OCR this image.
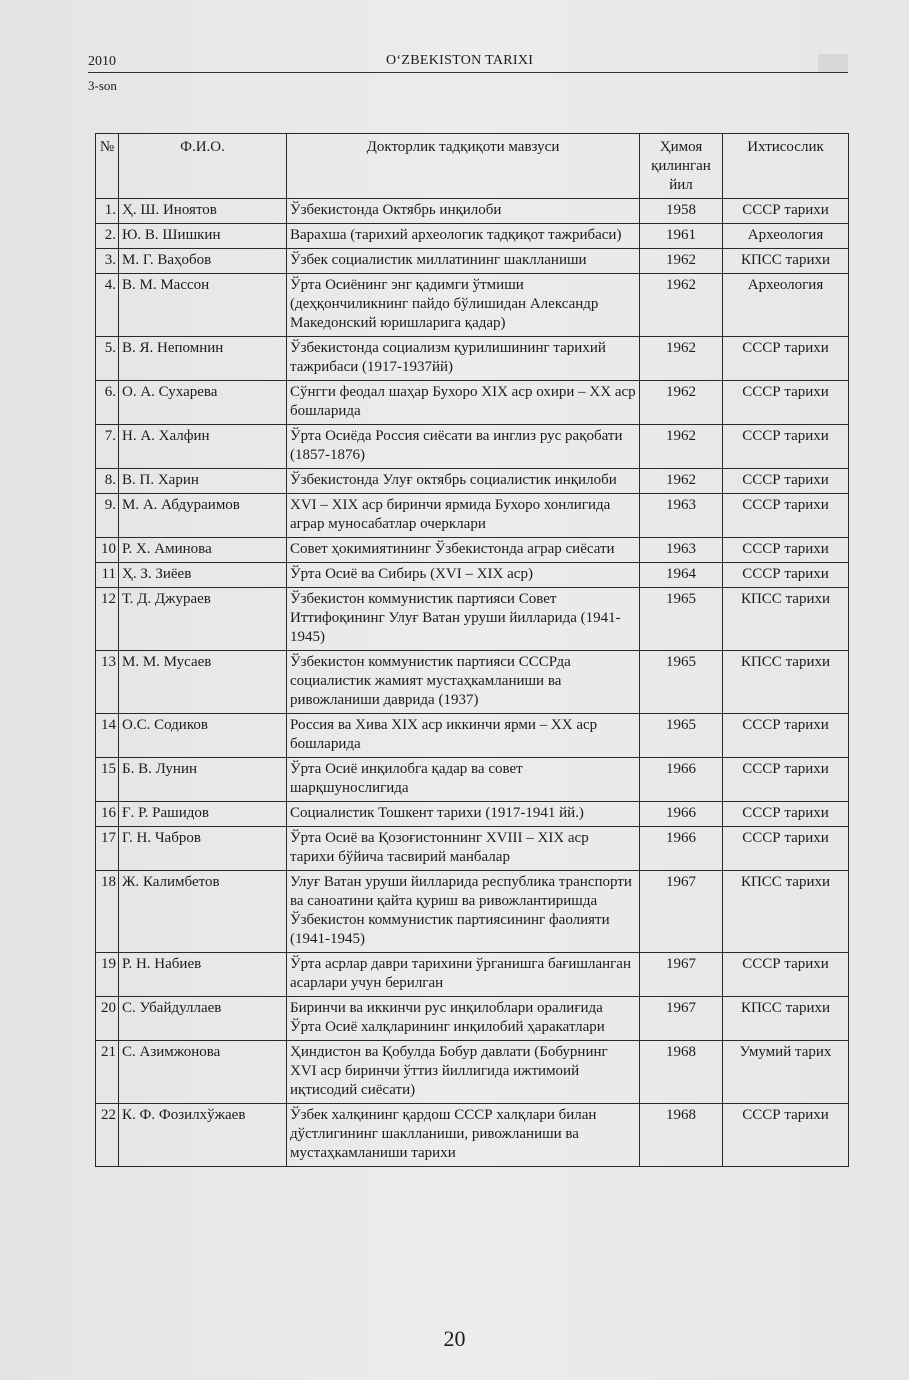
2010	O‘ZBEKISTON TARIXI
3-son
№	Ф.И.О.	Докторлик тадқиқоти мавзуси	Ҳимоя қилинган йил	Ихтисослик
1.	Ҳ. Ш. Иноятов	Ўзбекистонда Октябрь инқилоби	1958	СССР тарихи
2.	Ю. В. Шишкин	Варахша (тарихий археологик тадқиқот тажрибаси)	1961	Археология
3.	М. Г. Ваҳобов	Ўзбек социалистик миллатининг шаклланиши	1962	КПСС тарихи
4.	В. М. Массон	Ўрта Осиёнинг энг қадимги ўтмиши (деҳқончиликнинг пайдо бўлишидан Александр Македонский юришларига қадар)	1962	Археология
5.	В. Я. Непомнин	Ўзбекистонда социализм қурилишининг тарихий тажрибаси (1917-1937йй)	1962	СССР тарихи
6.	О. А. Сухарева	Сўнгги феодал шаҳар Бухоро XIX аср охири – XX аср бошларида	1962	СССР тарихи
7.	Н. А. Халфин	Ўрта Осиёда Россия сиёсати ва инглиз рус рақобати (1857-1876)	1962	СССР тарихи
8.	В. П. Харин	Ўзбекистонда Улуғ октябрь социалистик инқилоби	1962	СССР тарихи
9.	М. А. Абдураимов	XVI – XIX аср биринчи ярмида Бухоро хонлигида аграр муносабатлар очерклари	1963	СССР тарихи
10	Р. Х. Аминова	Совет ҳокимиятининг Ўзбекистонда аграр сиёсати	1963	СССР тарихи
11	Ҳ. З. Зиёев	Ўрта Осиё ва Сибирь (XVI – XIX аср)	1964	СССР тарихи
12	Т. Д. Джураев	Ўзбекистон коммунистик партияси Совет Иттифоқининг Улуғ Ватан уруши йилларида (1941-1945)	1965	КПСС тарихи
13	М. М. Мусаев	Ўзбекистон коммунистик партияси СССРда социалистик жамият мустаҳкамланиши ва ривожланиши даврида (1937)	1965	КПСС тарихи
14	О.С. Содиков	Россия ва Хива XIX аср иккинчи ярми – XX аср бошларида	1965	СССР тарихи
15	Б. В. Лунин	Ўрта Осиё инқилобга қадар ва совет шарқшунослигида	1966	СССР тарихи
16	Ғ. Р. Рашидов	Социалистик Тошкент тарихи (1917-1941 йй.)	1966	СССР тарихи
17	Г. Н. Чабров	Ўрта Осиё ва Қозоғистоннинг XVIII – XIX аср тарихи бўйича тасвирий манбалар	1966	СССР тарихи
18	Ж. Калимбетов	Улуғ Ватан уруши йилларида республика транспорти ва саноатини қайта қуриш ва ривожлантиришда Ўзбекистон коммунистик партиясининг фаолияти (1941-1945)	1967	КПСС тарихи
19	Р. Н. Набиев	Ўрта асрлар даври тарихини ўрганишга бағишланган асарлари учун берилган	1967	СССР тарихи
20	С. Убайдуллаев	Биринчи ва иккинчи рус инқилоблари оралиғида Ўрта Осиё халқларининг инқилобий ҳаракатлари	1967	КПСС тарихи
21	С. Азимжонова	Ҳиндистон ва Қобулда Бобур давлати (Бобурнинг XVI аср биринчи ўттиз йиллигида ижтимоий иқтисодий сиёсати)	1968	Умумий тарих
22	К. Ф. Фозилхўжаев	Ўзбек халқининг қардош СССР халқлари билан дўстлигининг шаклланиши, ривожланиши ва мустаҳкамланиши тарихи	1968	СССР тарихи
20
